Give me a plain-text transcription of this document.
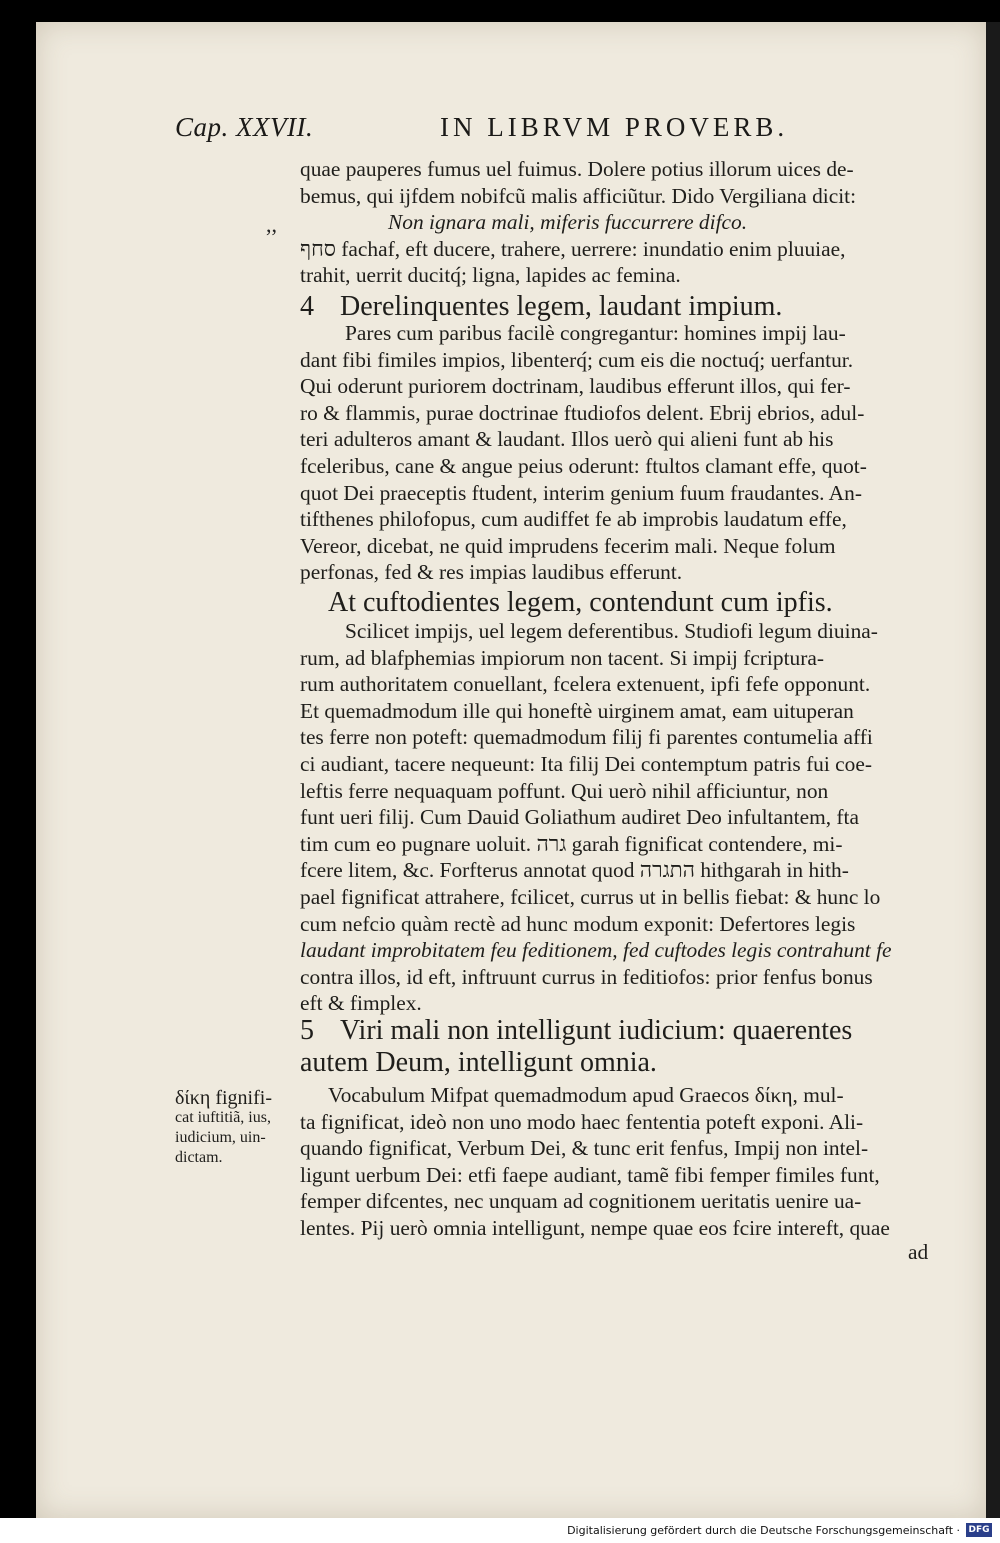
Cap. XXVII.	IN LIBRVM PROVERB.
,,
quae pauperes fumus uel fuimus. Dolere potius illorum uices de-
bemus, qui ijfdem nobifcũ malis afficiũtur. Dido Vergiliana dicit:
Non ignara mali, miferis fuccurrere difco.
סחף fachaf, eft ducere, trahere, uerrere: inundatio enim pluuiae,
trahit, uerrit ducitq́; ligna, lapides ac femina.
4 Derelinquentes legem, laudant impium.
Pares cum paribus facilè congregantur: homines impij lau-
dant fibi fimiles impios, libenterq́; cum eis die noctuq́; uerfantur.
Qui oderunt puriorem doctrinam, laudibus efferunt illos, qui fer-
ro & flammis, purae doctrinae ftudiofos delent. Ebrij ebrios, adul-
teri adulteros amant & laudant. Illos uerò qui alieni funt ab his
fceleribus, cane & angue peius oderunt: ftultos clamant effe, quot-
quot Dei praeceptis ftudent, interim genium fuum fraudantes. An-
tifthenes philofopus, cum audiffet fe ab improbis laudatum effe,
Vereor, dicebat, ne quid imprudens fecerim mali. Neque folum
perfonas, fed & res impias laudibus efferunt.
At cuftodientes legem, contendunt cum ipfis.
Scilicet impijs, uel legem deferentibus. Studiofi legum diuina-
rum, ad blafphemias impiorum non tacent. Si impij fcriptura-
rum authoritatem conuellant, fcelera extenuent, ipfi fefe opponunt.
Et quemadmodum ille qui honeftè uirginem amat, eam uituperan
tes ferre non poteft: quemadmodum filij fi parentes contumelia affi
ci audiant, tacere nequeunt: Ita filij Dei contemptum patris fui coe-
leftis ferre nequaquam poffunt. Qui uerò nihil afficiuntur, non
funt ueri filij. Cum Dauid Goliathum audiret Deo infultantem, fta
tim cum eo pugnare uoluit. גרה garah fignificat contendere, mi-
fcere litem, &c. Forfterus annotat quod התגרה hithgarah in hith-
pael fignificat attrahere, fcilicet, currus ut in bellis fiebat: & hunc lo
cum nefcio quàm rectè ad hunc modum exponit: Defertores legis
laudant improbitatem feu feditionem, fed cuftodes legis contrahunt fe
contra illos, id eft, inftruunt currus in feditiofos: prior fenfus bonus
eft & fimplex.
5 Viri mali non intelligunt iudicium: quaerentes
autem Deum, intelligunt omnia.
Vocabulum Mifpat quemadmodum apud Graecos δίκη, mul-
ta fignificat, ideò non uno modo haec fententia poteft exponi. Ali-
quando fignificat, Verbum Dei, & tunc erit fenfus, Impij non intel-
ligunt uerbum Dei: etfi faepe audiant, tamẽ fibi femper fimiles funt,
femper difcentes, nec unquam ad cognitionem ueritatis uenire ua-
lentes. Pij uerò omnia intelligunt, nempe quae eos fcire intereft, quae
ad
δίκη fignifi-
cat iuftitiã, ius,
iudicium, uin-
dictam.
Digitalisierung gefördert durch die Deutsche Forschungsgemeinschaft · DFG
